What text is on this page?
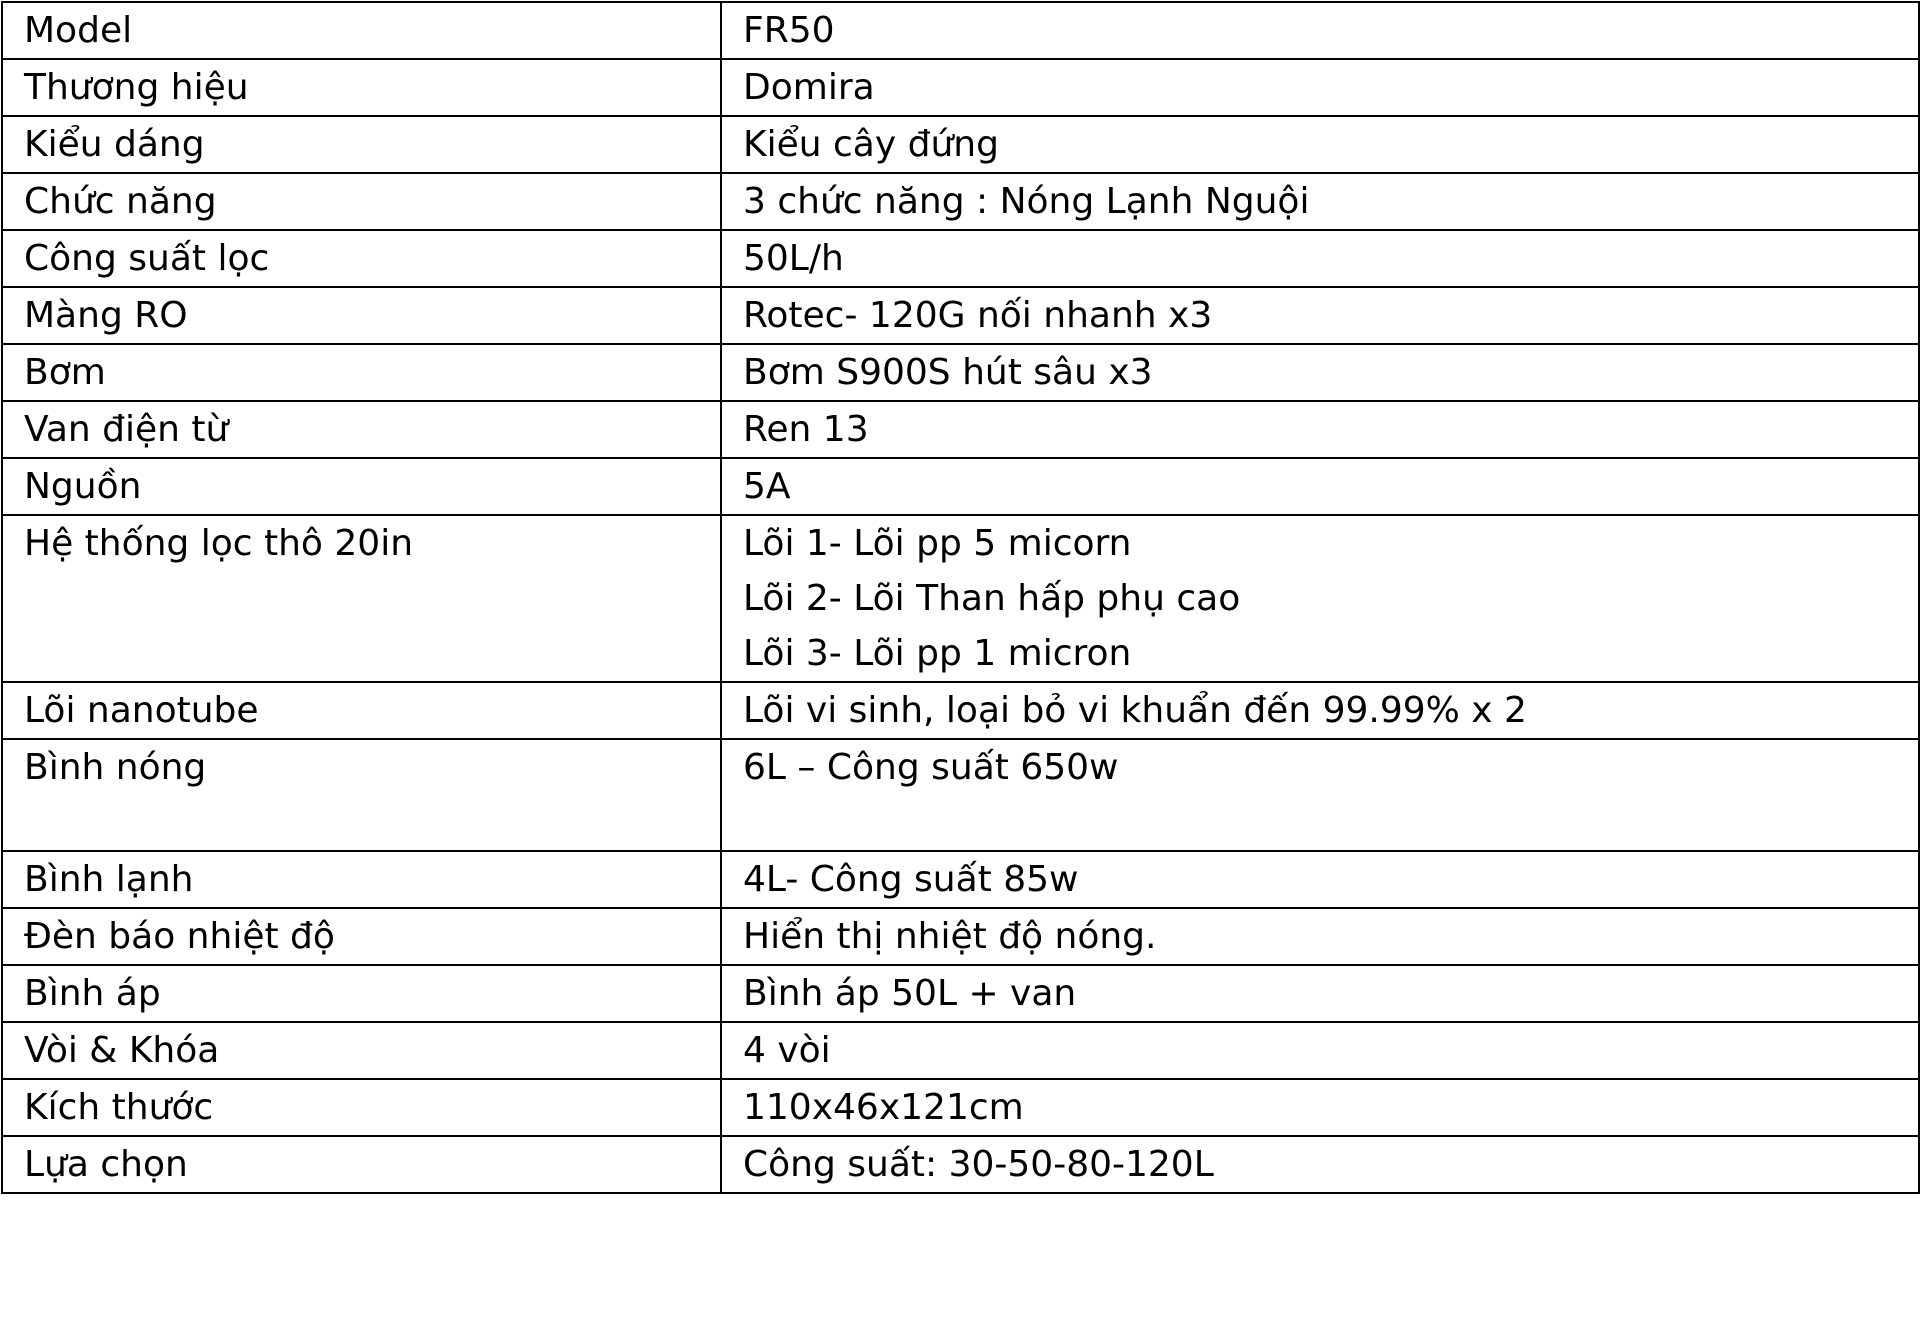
Model	FR50

Thương hiệu	Domira

Kiểu dáng	Kiểu cây đứng

Chức năng	3 chức năng : Nóng Lạnh Nguội

Công suất lọc	50L/h

Màng RO	Rotec- 120G nối nhanh x3

Bơm	Bơm S900S hút sâu x3

Van điện từ	Ren 13

Nguồn	5A

Hệ thống lọc thô 20in	Lõi 1- Lõi pp 5 micorn
Lõi 2- Lõi Than hấp phụ cao
Lõi 3- Lõi pp 1 micron

Lõi nanotube	Lõi vi sinh, loại bỏ vi khuẩn đến 99.99% x 2

Bình nóng	6L – Công suất 650w

Bình lạnh	4L- Công suất 85w

Đèn báo nhiệt độ	Hiển thị nhiệt độ nóng.

Bình áp	Bình áp 50L + van

Vòi & Khóa	4 vòi

Kích thước	110x46x121cm

Lựa chọn	Công suất: 30-50-80-120L
